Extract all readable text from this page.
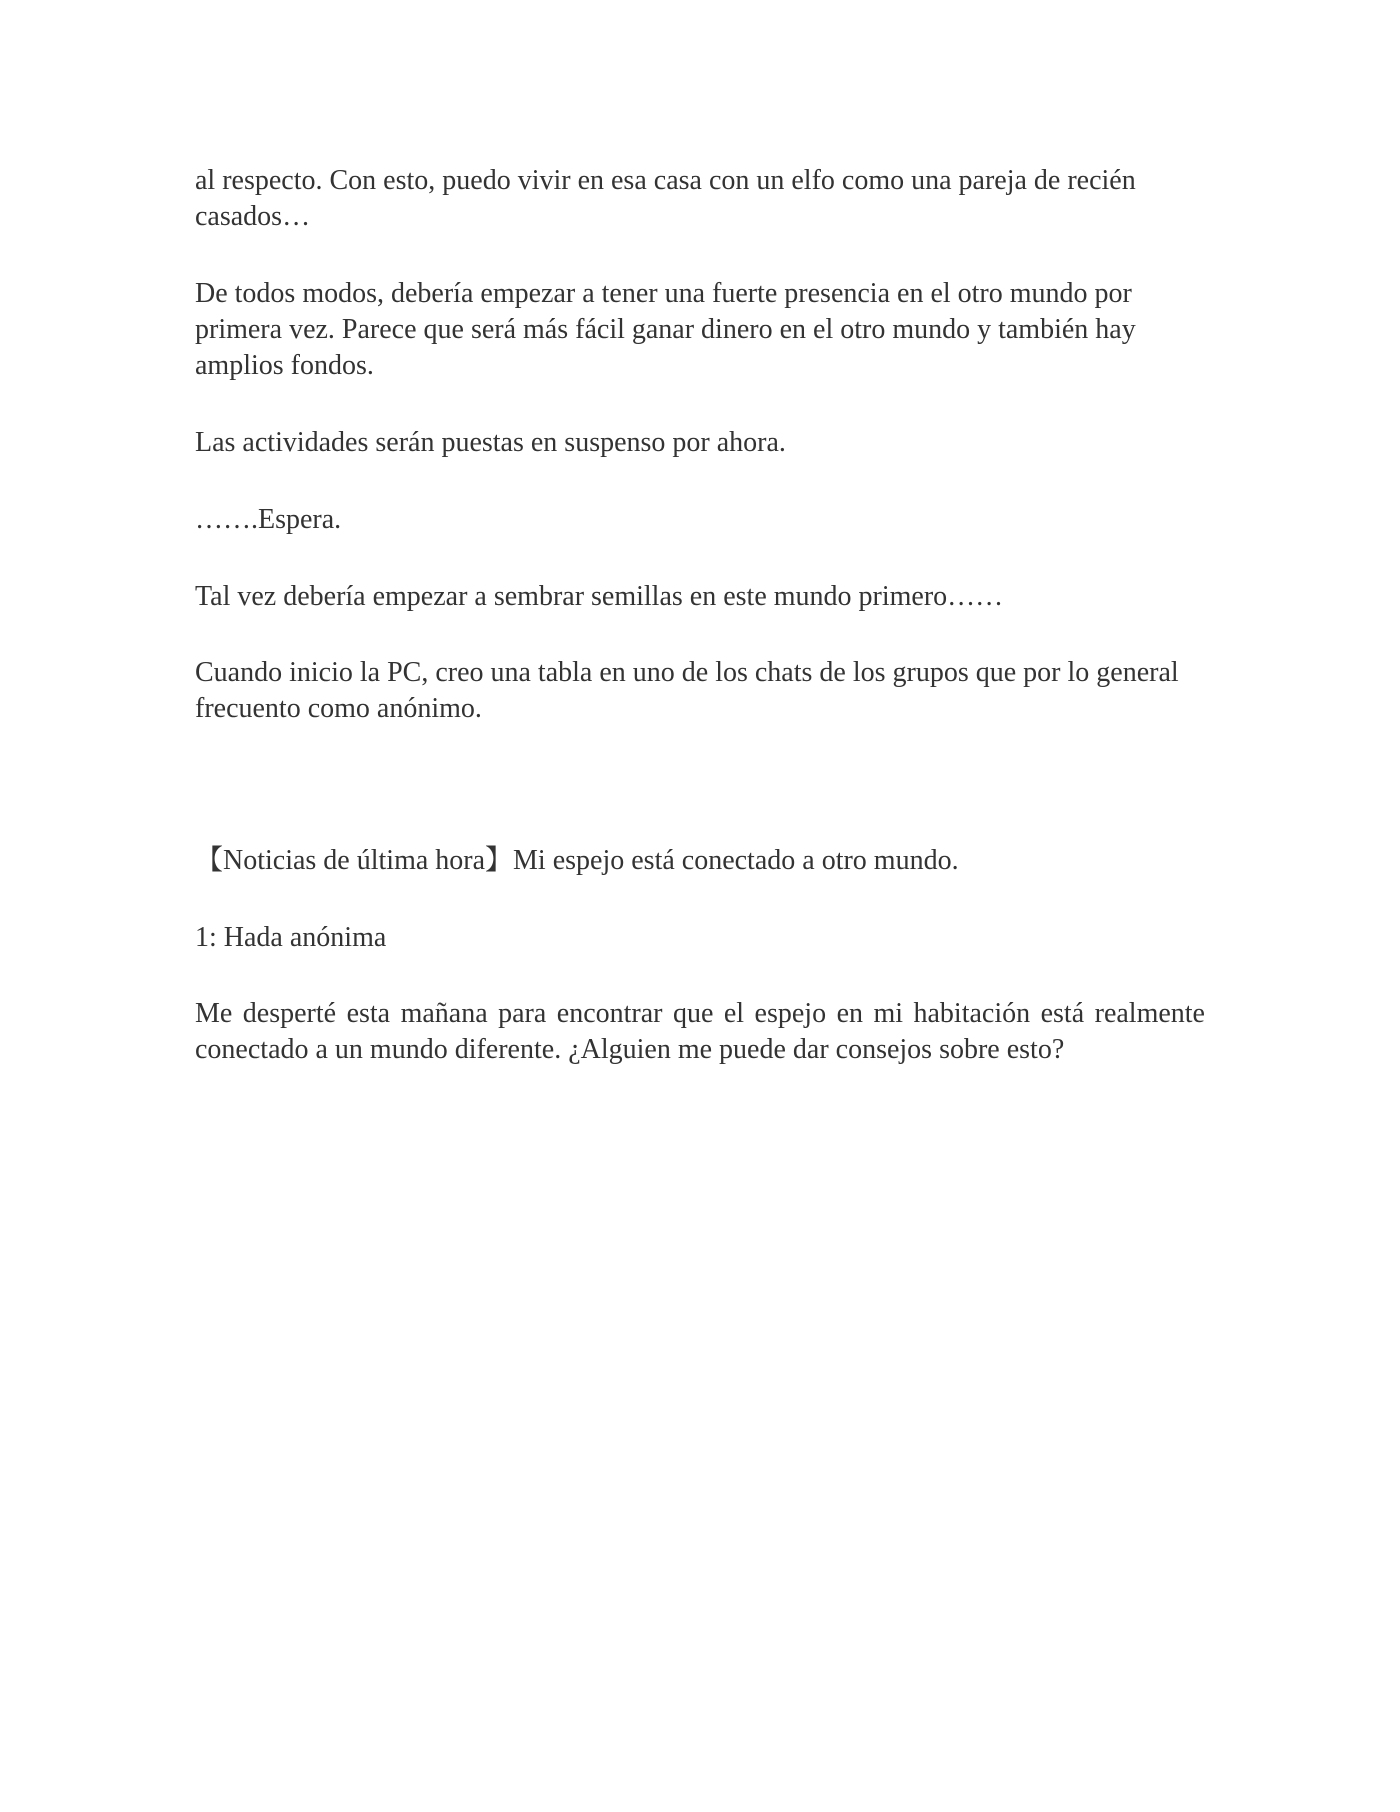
al respecto. Con esto, puedo vivir en esa casa con un elfo como una pareja de recién casados…

De todos modos, debería empezar a tener una fuerte presencia en el otro mundo por primera vez. Parece que será más fácil ganar dinero en el otro mundo y también hay amplios fondos.

Las actividades serán puestas en suspenso por ahora.

…….Espera.

Tal vez debería empezar a sembrar semillas en este mundo primero……

Cuando inicio la PC, creo una tabla en uno de los chats de los grupos que por lo general frecuento como anónimo.

【Noticias de última hora】Mi espejo está conectado a otro mundo.

1: Hada anónima

Me desperté esta mañana para encontrar que el espejo en mi habitación está realmente conectado a un mundo diferente. ¿Alguien me puede dar consejos sobre esto?
